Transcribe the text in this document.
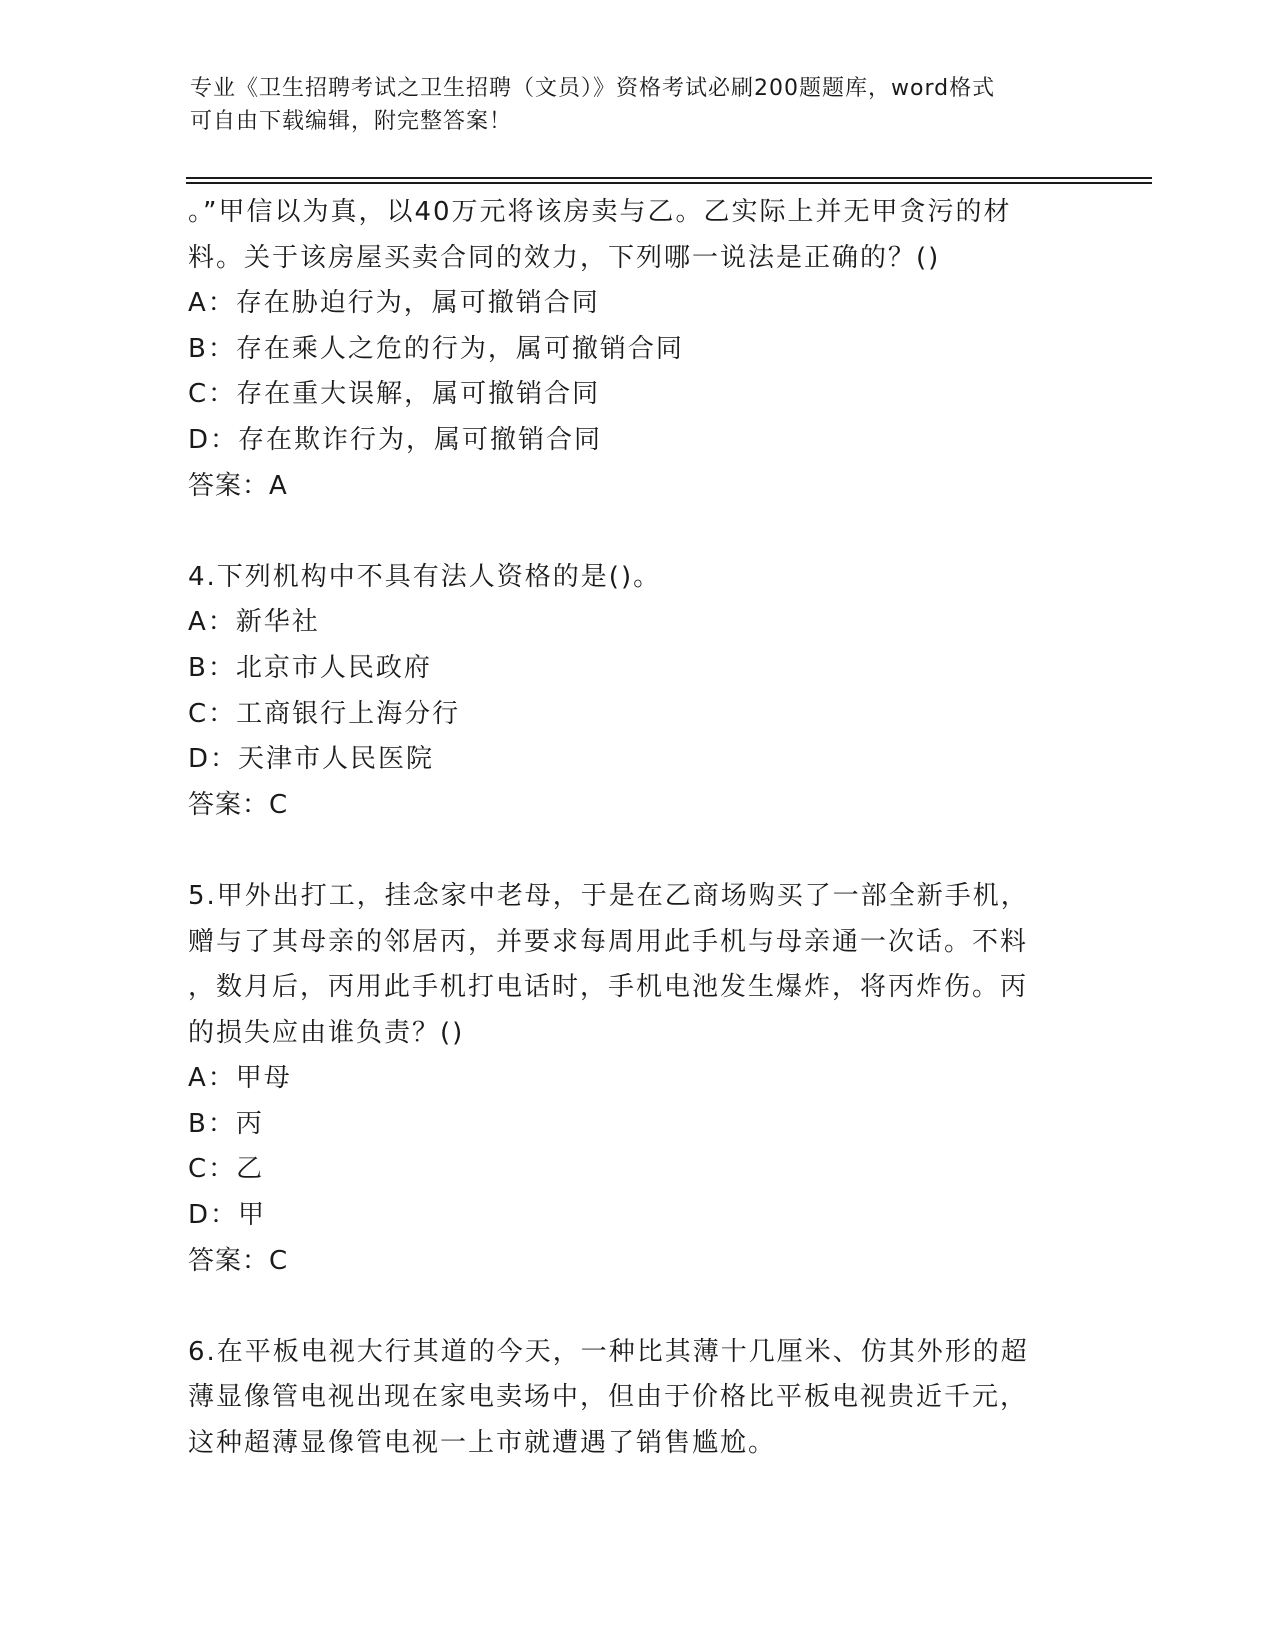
专业《卫生招聘考试之卫生招聘（文员）》资格考试必刷200题题库，word格式
可自由下载编辑，附完整答案！

。”甲信以为真，以40万元将该房卖与乙。乙实际上并无甲贪污的材

料。关于该房屋买卖合同的效力，下列哪一说法是正确的？()

A：存在胁迫行为，属可撤销合同

B：存在乘人之危的行为，属可撤销合同

C：存在重大误解，属可撤销合同

D：存在欺诈行为，属可撤销合同

答案：A

4.下列机构中不具有法人资格的是()。

A：新华社

B：北京市人民政府

C：工商银行上海分行

D：天津市人民医院

答案：C

5.甲外出打工，挂念家中老母，于是在乙商场购买了一部全新手机，

赠与了其母亲的邻居丙，并要求每周用此手机与母亲通一次话。不料

，数月后，丙用此手机打电话时，手机电池发生爆炸，将丙炸伤。丙

的损失应由谁负责？()

A：甲母

B：丙

C：乙

D：甲

答案：C

6.在平板电视大行其道的今天，一种比其薄十几厘米、仿其外形的超

薄显像管电视出现在家电卖场中，但由于价格比平板电视贵近千元，

这种超薄显像管电视一上市就遭遇了销售尴尬。
